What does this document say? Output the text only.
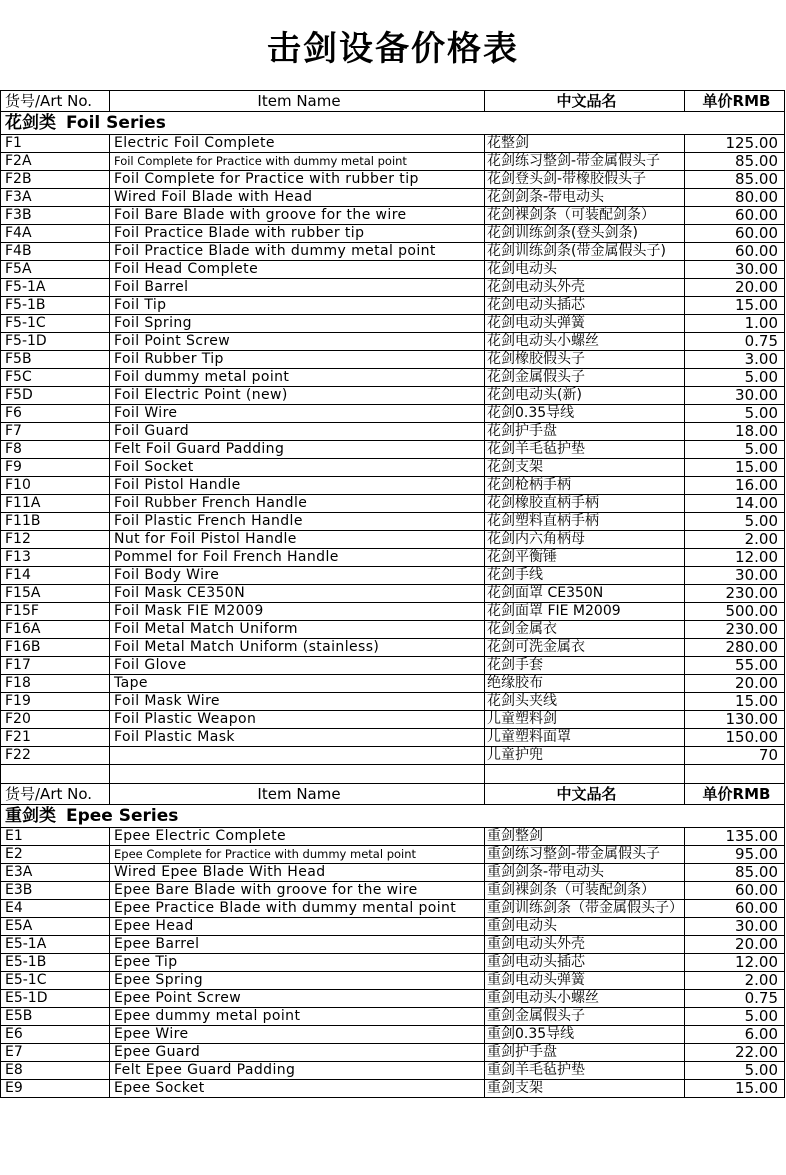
击剑设备价格表
货号/Art No.	Item Name	中文品名	单价RMB
花剑类 Foil Series			
F1	Electric Foil Complete	花整剑	125.00
F2A	Foil Complete for Practice with dummy metal point	花剑练习整剑-带金属假头子	85.00
F2B	Foil Complete for Practice with rubber tip	花剑登头剑-带橡胶假头子	85.00
F3A	Wired Foil Blade with Head	花剑剑条-带电动头	80.00
F3B	Foil Bare Blade with groove for the wire	花剑裸剑条（可装配剑条）	60.00
F4A	Foil Practice Blade with rubber tip	花剑训练剑条(登头剑条)	60.00
F4B	Foil Practice Blade with dummy metal point	花剑训练剑条(带金属假头子)	60.00
F5A	Foil Head Complete	花剑电动头	30.00
F5-1A	Foil Barrel	花剑电动头外壳	20.00
F5-1B	Foil Tip	花剑电动头插芯	15.00
F5-1C	Foil Spring	花剑电动头弹簧	1.00
F5-1D	Foil Point Screw	花剑电动头小螺丝	0.75
F5B	Foil Rubber Tip	花剑橡胶假头子	3.00
F5C	Foil dummy metal point	花剑金属假头子	5.00
F5D	Foil Electric Point (new)	花剑电动头(新)	30.00
F6	Foil Wire	花剑0.35导线	5.00
F7	Foil Guard	花剑护手盘	18.00
F8	Felt Foil Guard Padding	花剑羊毛毡护垫	5.00
F9	Foil Socket	花剑支架	15.00
F10	Foil Pistol Handle	花剑枪柄手柄	16.00
F11A	Foil Rubber French Handle	花剑橡胶直柄手柄	14.00
F11B	Foil Plastic French Handle	花剑塑料直柄手柄	5.00
F12	Nut for Foil Pistol Handle	花剑内六角柄母	2.00
F13	Pommel for Foil French Handle	花剑平衡锤	12.00
F14	Foil Body Wire	花剑手线	30.00
F15A	Foil Mask CE350N	花剑面罩 CE350N	230.00
F15F	Foil Mask FIE M2009	花剑面罩 FIE M2009	500.00
F16A	Foil Metal Match Uniform	花剑金属衣	230.00
F16B	Foil Metal Match Uniform (stainless)	花剑可洗金属衣	280.00
F17	Foil Glove	花剑手套	55.00
F18	Tape	绝缘胶布	20.00
F19	Foil Mask Wire	花剑头夹线	15.00
F20	Foil Plastic Weapon	儿童塑料剑	130.00
F21	Foil Plastic Mask	儿童塑料面罩	150.00
F22		儿童护兜	70

货号/Art No.	Item Name	中文品名	单价RMB
重剑类 Epee Series			
E1	Epee Electric Complete	重剑整剑	135.00
E2	Epee Complete for Practice with dummy metal point	重剑练习整剑-带金属假头子	95.00
E3A	Wired Epee Blade With Head	重剑剑条-带电动头	85.00
E3B	Epee Bare Blade with groove for the wire	重剑裸剑条（可装配剑条）	60.00
E4	Epee Practice Blade with dummy mental point	重剑训练剑条（带金属假头子）	60.00
E5A	Epee Head	重剑电动头	30.00
E5-1A	Epee Barrel	重剑电动头外壳	20.00
E5-1B	Epee Tip	重剑电动头插芯	12.00
E5-1C	Epee Spring	重剑电动头弹簧	2.00
E5-1D	Epee Point Screw	重剑电动头小螺丝	0.75
E5B	Epee dummy metal point	重剑金属假头子	5.00
E6	Epee Wire	重剑0.35导线	6.00
E7	Epee Guard	重剑护手盘	22.00
E8	Felt Epee Guard Padding	重剑羊毛毡护垫	5.00
E9	Epee Socket	重剑支架	15.00
